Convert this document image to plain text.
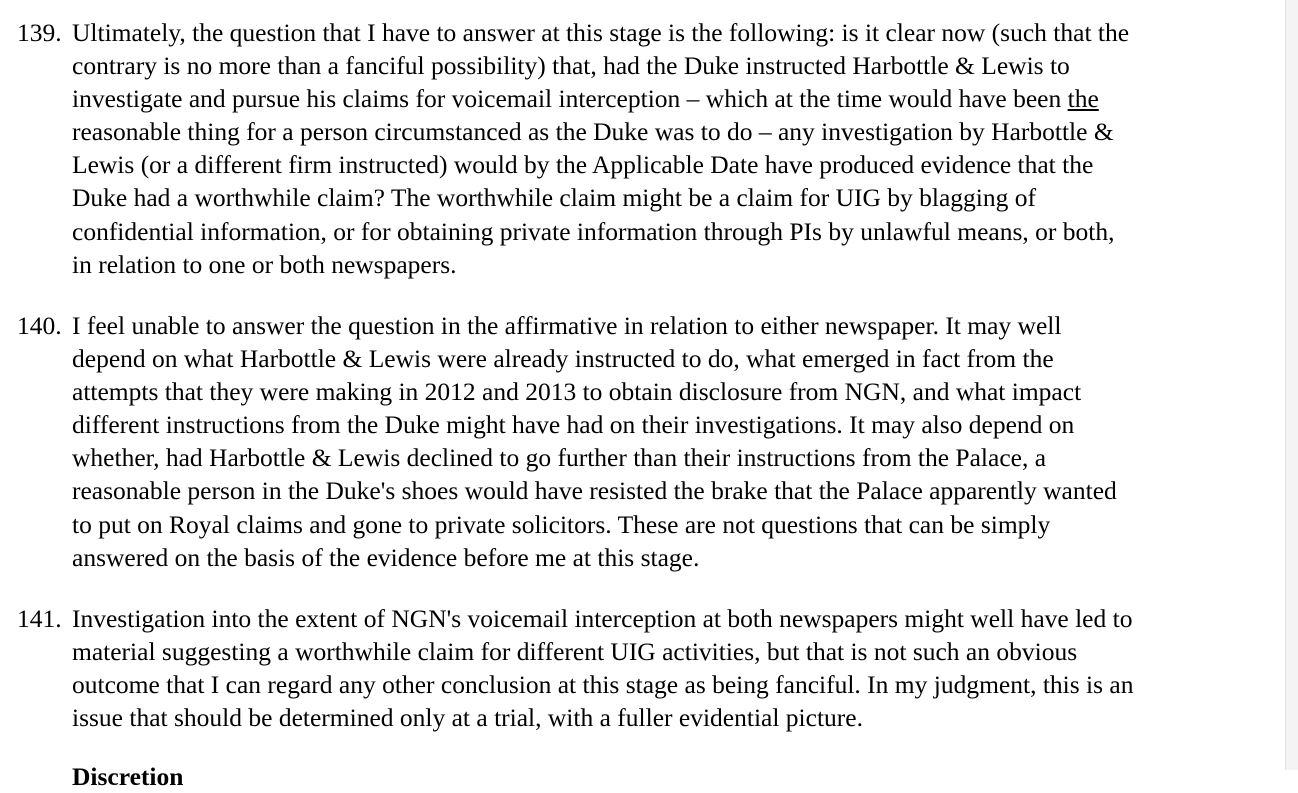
139. Ultimately, the question that I have to answer at this stage is the following: is it clear now (such that the
contrary is no more than a fanciful possibility) that, had the Duke instructed Harbottle & Lewis to
investigate and pursue his claims for voicemail interception – which at the time would have been the
reasonable thing for a person circumstanced as the Duke was to do – any investigation by Harbottle &
Lewis (or a different firm instructed) would by the Applicable Date have produced evidence that the
Duke had a worthwhile claim? The worthwhile claim might be a claim for UIG by blagging of
confidential information, or for obtaining private information through PIs by unlawful means, or both,
in relation to one or both newspapers.
140. I feel unable to answer the question in the affirmative in relation to either newspaper. It may well
depend on what Harbottle & Lewis were already instructed to do, what emerged in fact from the
attempts that they were making in 2012 and 2013 to obtain disclosure from NGN, and what impact
different instructions from the Duke might have had on their investigations. It may also depend on
whether, had Harbottle & Lewis declined to go further than their instructions from the Palace, a
reasonable person in the Duke's shoes would have resisted the brake that the Palace apparently wanted
to put on Royal claims and gone to private solicitors. These are not questions that can be simply
answered on the basis of the evidence before me at this stage.
141. Investigation into the extent of NGN's voicemail interception at both newspapers might well have led to
material suggesting a worthwhile claim for different UIG activities, but that is not such an obvious
outcome that I can regard any other conclusion at this stage as being fanciful. In my judgment, this is an
issue that should be determined only at a trial, with a fuller evidential picture.
Discretion
